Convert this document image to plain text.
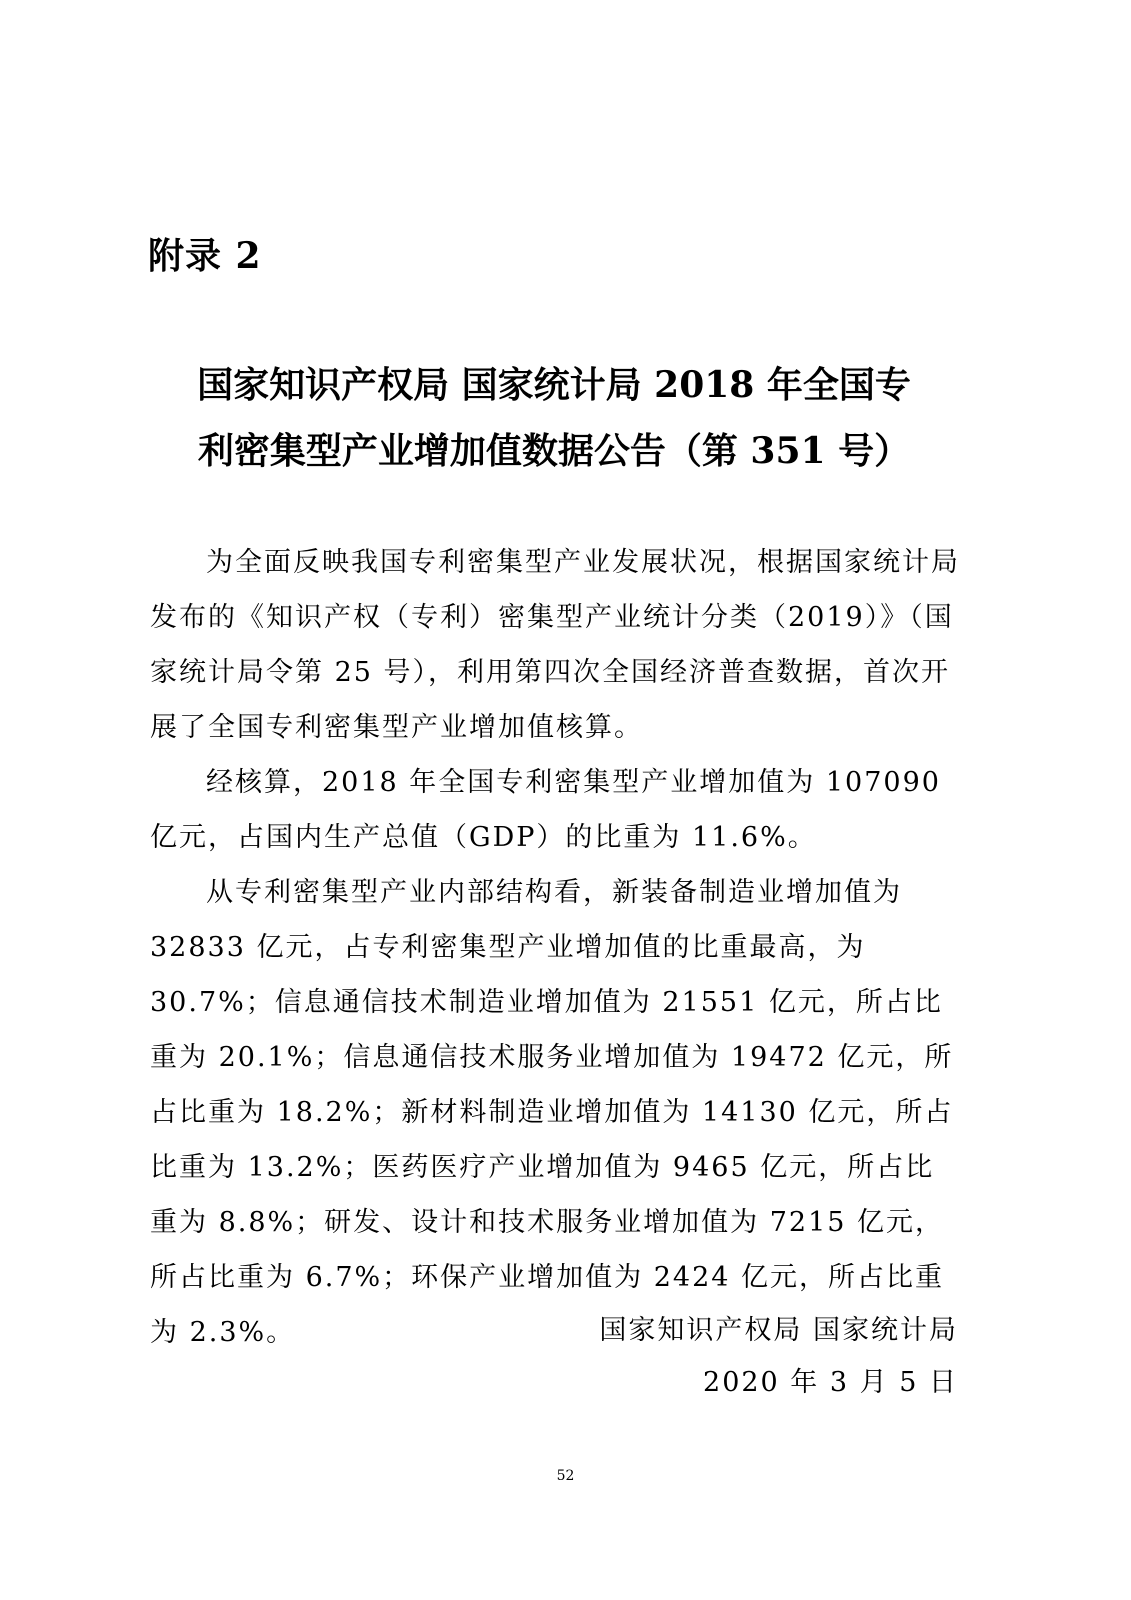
附录 2
国家知识产权局 国家统计局 2018 年全国专
利密集型产业增加值数据公告（第 351 号）

为全面反映我国专利密集型产业发展状况，根据国家统计局发布的《知识产权（专利）密集型产业统计分类（2019）》（国家统计局令第 25 号），利用第四次全国经济普查数据，首次开展了全国专利密集型产业增加值核算。

经核算，2018 年全国专利密集型产业增加值为 107090 亿元，占国内生产总值（GDP）的比重为 11.6%。

从专利密集型产业内部结构看，新装备制造业增加值为 32833 亿元，占专利密集型产业增加值的比重最高，为 30.7%；信息通信技术制造业增加值为 21551 亿元，所占比重为 20.1%；信息通信技术服务业增加值为 19472 亿元，所占比重为 18.2%；新材料制造业增加值为 14130 亿元，所占比重为 13.2%；医药医疗产业增加值为 9465 亿元，所占比重为 8.8%；研发、设计和技术服务业增加值为 7215 亿元，所占比重为 6.7%；环保产业增加值为 2424 亿元，所占比重为 2.3%。	国家知识产权局 国家统计局
2020 年 3 月 5 日
52
